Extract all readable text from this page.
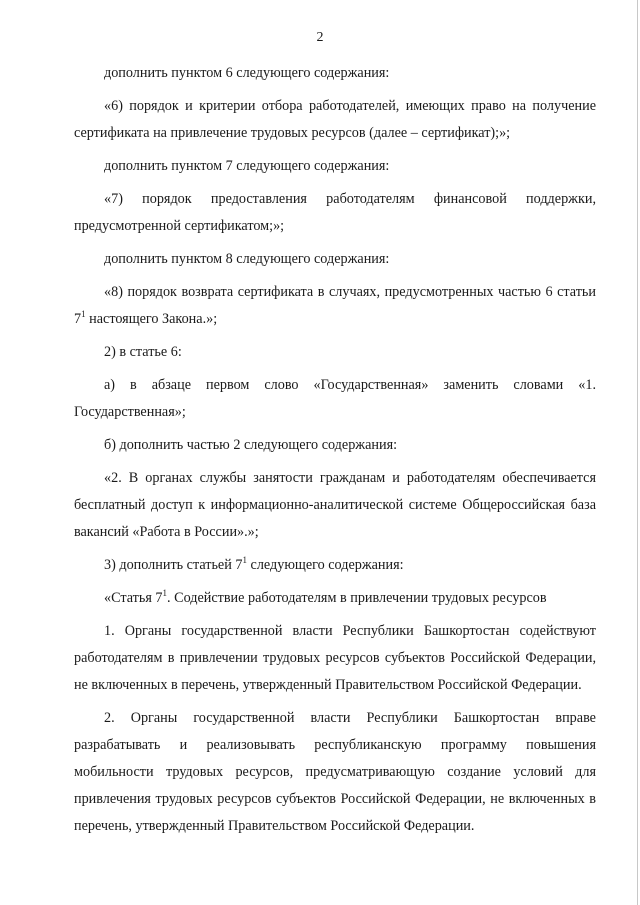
2

дополнить пунктом 6 следующего содержания:

«6) порядок и критерии отбора работодателей, имеющих право на получение сертификата на привлечение трудовых ресурсов (далее – сертификат);»;

дополнить пунктом 7 следующего содержания:

«7) порядок предоставления работодателям финансовой поддержки, предусмотренной сертификатом;»;

дополнить пунктом 8 следующего содержания:

«8) порядок возврата сертификата в случаях, предусмотренных частью 6 статьи $7^1$ настоящего Закона.»;

2) в статье 6:

а) в абзаце первом слово «Государственная» заменить словами «1. Государственная»;

б) дополнить частью 2 следующего содержания:

«2. В органах службы занятости гражданам и работодателям обеспечивается бесплатный доступ к информационно-аналитической системе Общероссийская база вакансий «Работа в России».»;

3) дополнить статьей $7^1$ следующего содержания:

«Статья $7^1$. Содействие работодателям в привлечении трудовых ресурсов

1. Органы государственной власти Республики Башкортостан содействуют работодателям в привлечении трудовых ресурсов субъектов Российской Федерации, не включенных в перечень, утвержденный Правительством Российской Федерации.

2. Органы государственной власти Республики Башкортостан вправе разрабатывать и реализовывать республиканскую программу повышения мобильности трудовых ресурсов, предусматривающую создание условий для привлечения трудовых ресурсов субъектов Российской Федерации, не включенных в перечень, утвержденный Правительством Российской Федерации.
